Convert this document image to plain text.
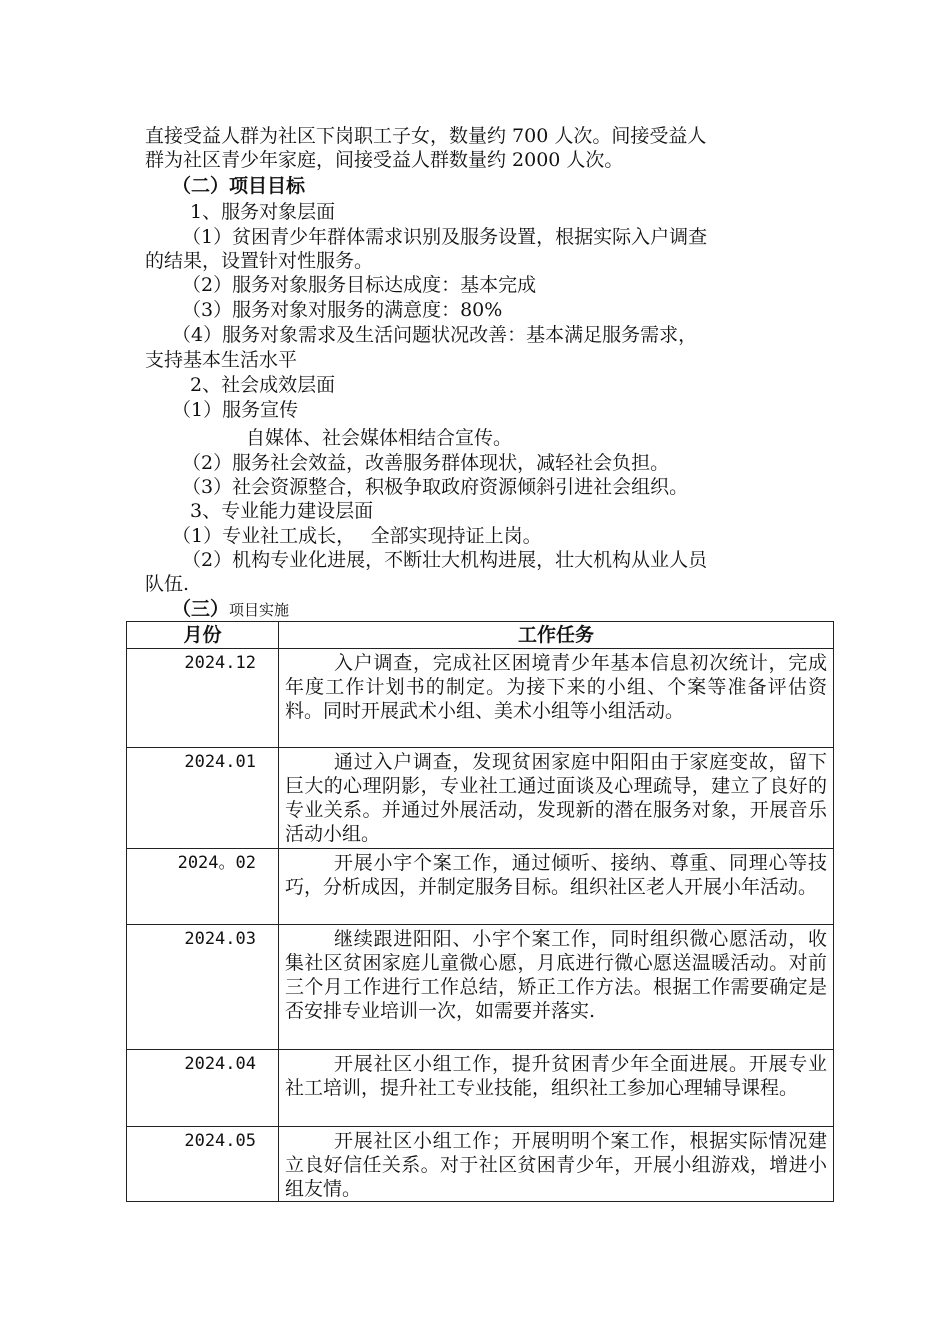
直接受益人群为社区下岗职工子女，数量约 700 人次。间接受益人
群为社区青少年家庭，间接受益人群数量约 2000 人次。
（二）项目目标
1、服务对象层面
（1）贫困青少年群体需求识别及服务设置，根据实际入户调查
的结果，设置针对性服务。
（2）服务对象服务目标达成度：基本完成
（3）服务对象对服务的满意度：80%
（4）服务对象需求及生活问题状况改善：基本满足服务需求，
支持基本生活水平
2、社会成效层面
（1）服务宣传
自媒体、社会媒体相结合宣传。
（2）服务社会效益，改善服务群体现状，减轻社会负担。
（3）社会资源整合，积极争取政府资源倾斜引进社会组织。
3、专业能力建设层面
（1）专业社工成长，　 全部实现持证上岗。
（2）机构专业化进展，不断壮大机构进展，壮大机构从业人员
队伍.
（三）项目实施
月份	工作任务
2024.12	入户调查，完成社区困境青少年基本信息初次统计，完成年度工作计划书的制定。为接下来的小组、个案等准备评估资料。同时开展武术小组、美术小组等小组活动。
2024.01	通过入户调查，发现贫困家庭中阳阳由于家庭变故，留下巨大的心理阴影，专业社工通过面谈及心理疏导，建立了良好的专业关系。并通过外展活动，发现新的潜在服务对象，开展音乐活动小组。
2024。02	开展小宇个案工作，通过倾听、接纳、尊重、同理心等技巧，分析成因，并制定服务目标。组织社区老人开展小年活动。
2024.03	继续跟进阳阳、小宇个案工作，同时组织微心愿活动，收集社区贫困家庭儿童微心愿，月底进行微心愿送温暖活动。对前三个月工作进行工作总结，矫正工作方法。根据工作需要确定是否安排专业培训一次，如需要并落实.
2024.04	开展社区小组工作，提升贫困青少年全面进展。开展专业社工培训，提升社工专业技能，组织社工参加心理辅导课程。
2024.05	开展社区小组工作；开展明明个案工作，根据实际情况建立良好信任关系。对于社区贫困青少年，开展小组游戏，增进小组友情。
